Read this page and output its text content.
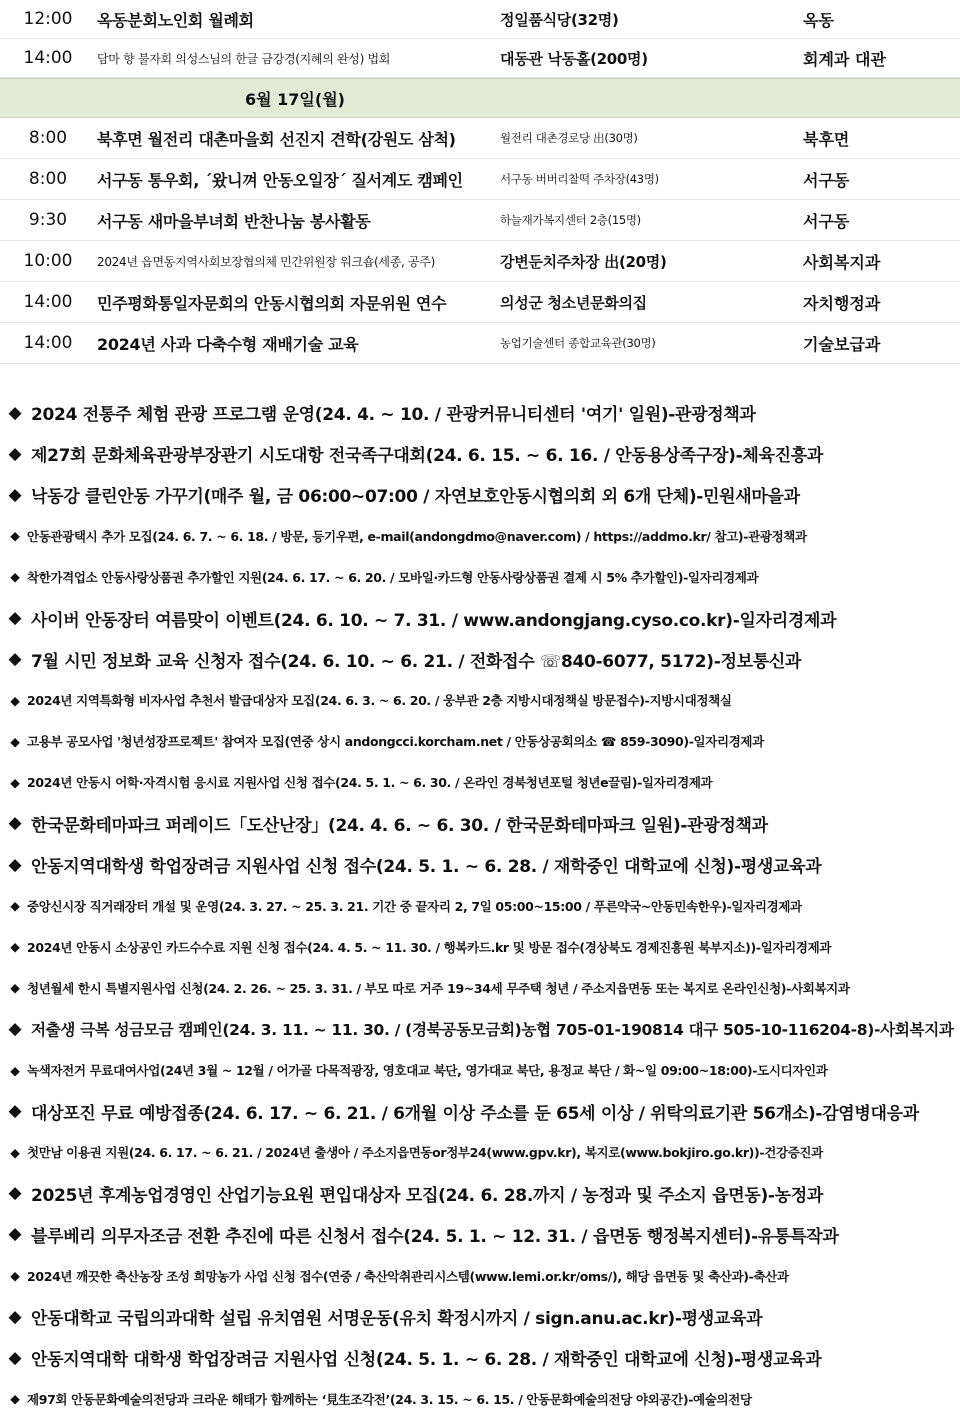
12:00 옥동분회노인회 월례회	정일품식당(32명)	옥동
14:00 담마 향 불자회 의성스님의 한글 금강경(지혜의 완성) 법회	대동관 낙동홀(200명)	회계과 대관
6월 17일(월)
8:00	북후면 월전리 대촌마을회 선진지 견학(강원도 삼척)	월전리 대촌경로당 出(30명)	북후면
8:00	서구동 통우회, ´왔니껴 안동오일장´ 질서계도 캠페인	서구동 버버리찰떡 주차장(43명)	서구동
9:30	서구동 새마을부녀회 반찬나눔 봉사활동	하늘재가복지센터 2층(15명)	서구동
10:00 2024년 읍면동지역사회보장협의체 민간위원장 워크숍(세종, 공주)	강변둔치주차장 出(20명)	사회복지과
14:00 민주평화통일자문회의 안동시협의회 자문위원 연수	의성군 청소년문화의집	자치행정과
14:00 2024년 사과 다축수형 재배기술 교육	농업기술센터 종합교육관(30명)	기술보급과
◆ 2024 전통주 체험 관광 프로그램 운영(24. 4. ~ 10. / 관광커뮤니티센터 '여기' 일원)-관광정책과
◆ 제27회 문화체육관광부장관기 시도대항 전국족구대회(24. 6. 15. ~ 6. 16. / 안동용상족구장)-체육진흥과
◆ 낙동강 클린안동 가꾸기(매주 월, 금 06:00~07:00 / 자연보호안동시협의회 외 6개 단체)-민원새마을과
◆ 안동관광택시 추가 모집(24. 6. 7. ~ 6. 18. / 방문, 등기우편, e-mail(andongdmo@naver.com) / https://addmo.kr/ 참고)-관광정책과
◆ 착한가격업소 안동사랑상품권 추가할인 지원(24. 6. 17. ~ 6. 20. / 모바일·카드형 안동사랑상품권 결제 시 5% 추가할인)-일자리경제과
◆ 사이버 안동장터 여름맞이 이벤트(24. 6. 10. ~ 7. 31. / www.andongjang.cyso.co.kr)-일자리경제과
◆ 7월 시민 정보화 교육 신청자 접수(24. 6. 10. ~ 6. 21. / 전화접수 ☏840-6077, 5172)-정보통신과
◆ 2024년 지역특화형 비자사업 추천서 발급대상자 모집(24. 6. 3. ~ 6. 20. / 웅부관 2층 지방시대정책실 방문접수)-지방시대정책실
◆ 고용부 공모사업 '청년성장프로젝트' 참여자 모집(연중 상시 andongcci.korcham.net / 안동상공회의소 ☎ 859-3090)-일자리경제과
◆ 2024년 안동시 어학·자격시험 응시료 지원사업 신청 접수(24. 5. 1. ~ 6. 30. / 온라인 경북청년포털 청년e끌림)-일자리경제과
◆ 한국문화테마파크 퍼레이드「도산난장」(24. 4. 6. ~ 6. 30. / 한국문화테마파크 일원)-관광정책과
◆ 안동지역대학생 학업장려금 지원사업 신청 접수(24. 5. 1. ~ 6. 28. / 재학중인 대학교에 신청)-평생교육과
◆ 중앙신시장 직거래장터 개설 및 운영(24. 3. 27. ~ 25. 3. 21. 기간 중 끝자리 2, 7일 05:00~15:00 / 푸른약국~안동민속한우)-일자리경제과
◆ 2024년 안동시 소상공인 카드수수료 지원 신청 접수(24. 4. 5. ~ 11. 30. / 행복카드.kr 및 방문 접수(경상북도 경제진흥원 북부지소))-일자리경제과
◆ 청년월세 한시 특별지원사업 신청(24. 2. 26. ~ 25. 3. 31. / 부모 따로 거주 19~34세 무주택 청년 / 주소지읍면동 또는 복지로 온라인신청)-사회복지과
◆ 저출생 극복 성금모금 캠페인(24. 3. 11. ~ 11. 30. / (경북공동모금회)농협 705-01-190814 대구 505-10-116204-8)-사회복지과
◆ 녹색자전거 무료대여사업(24년 3월 ~ 12월 / 어가골 다목적광장, 영호대교 북단, 영가대교 북단, 용정교 북단 / 화~일 09:00~18:00)-도시디자인과
◆ 대상포진 무료 예방접종(24. 6. 17. ~ 6. 21. / 6개월 이상 주소를 둔 65세 이상 / 위탁의료기관 56개소)-감염병대응과
◆ 첫만남 이용권 지원(24. 6. 17. ~ 6. 21. / 2024년 출생아 / 주소지읍면동or정부24(www.gpv.kr), 복지로(www.bokjiro.go.kr))-건강증진과
◆ 2025년 후계농업경영인 산업기능요원 편입대상자 모집(24. 6. 28.까지 / 농정과 및 주소지 읍면동)-농정과
◆ 블루베리 의무자조금 전환 추진에 따른 신청서 접수(24. 5. 1. ~ 12. 31. / 읍면동 행정복지센터)-유통특작과
◆ 2024년 깨끗한 축산농장 조성 희망농가 사업 신청 접수(연중 / 축산악취관리시스템(www.lemi.or.kr/oms/), 해당 읍면동 및 축산과)-축산과
◆ 안동대학교 국립의과대학 설립 유치염원 서명운동(유치 확정시까지 / sign.anu.ac.kr)-평생교육과
◆ 안동지역대학 대학생 학업장려금 지원사업 신청(24. 5. 1. ~ 6. 28. / 재학중인 대학교에 신청)-평생교육과
◆ 제97회 안동문화예술의전당과 크라운 해태가 함께하는 ‘見生조각전’(24. 3. 15. ~ 6. 15. / 안동문화예술의전당 야외공간)-예술의전당
